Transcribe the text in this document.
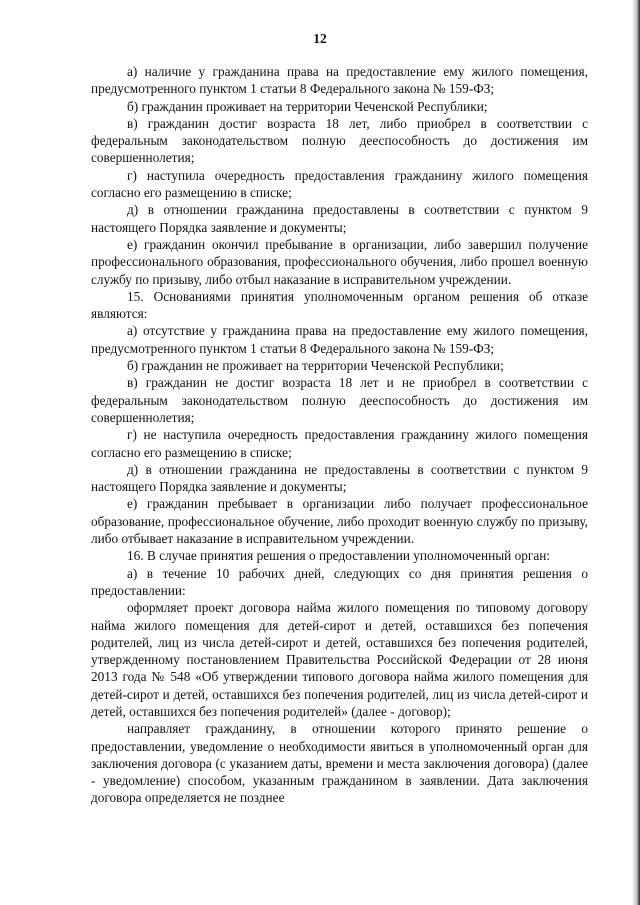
12

а) наличие у гражданина права на предоставление ему жилого помещения, предусмотренного пунктом 1 статьи 8 Федерального закона № 159-ФЗ;

б) гражданин проживает на территории Чеченской Республики;

в) гражданин достиг возраста 18 лет, либо приобрел в соответствии с федеральным законодательством полную дееспособность до достижения им совершеннолетия;

г) наступила очередность предоставления гражданину жилого помещения согласно его размещению в списке;

д) в отношении гражданина предоставлены в соответствии с пунктом 9 настоящего Порядка заявление и документы;

е) гражданин окончил пребывание в организации, либо завершил получение профессионального образования, профессионального обучения, либо прошел военную службу по призыву, либо отбыл наказание в исправительном учреждении.

15. Основаниями принятия уполномоченным органом решения об отказе являются:

а) отсутствие у гражданина права на предоставление ему жилого помещения, предусмотренного пунктом 1 статьи 8 Федерального закона № 159-ФЗ;

б) гражданин не проживает на территории Чеченской Республики;

в) гражданин не достиг возраста 18 лет и не приобрел в соответствии с федеральным законодательством полную дееспособность до достижения им совершеннолетия;

г) не наступила очередность предоставления гражданину жилого помещения согласно его размещению в списке;

д) в отношении гражданина не предоставлены в соответствии с пунктом 9 настоящего Порядка заявление и документы;

е) гражданин пребывает в организации либо получает профессиональное образование, профессиональное обучение, либо проходит военную службу по призыву, либо отбывает наказание в исправительном учреждении.

16. В случае принятия решения о предоставлении уполномоченный орган:

а) в течение 10 рабочих дней, следующих со дня принятия решения о предоставлении:

оформляет проект договора найма жилого помещения по типовому договору найма жилого помещения для детей-сирот и детей, оставшихся без попечения родителей, лиц из числа детей-сирот и детей, оставшихся без попечения родителей, утвержденному постановлением Правительства Российской Федерации от 28 июня 2013 года № 548 «Об утверждении типового договора найма жилого помещения для детей-сирот и детей, оставшихся без попечения родителей, лиц из числа детей-сирот и детей, оставшихся без попечения родителей» (далее - договор);

направляет гражданину, в отношении которого принято решение о предоставлении, уведомление о необходимости явиться в уполномоченный орган для заключения договора (с указанием даты, времени и места заключения договора) (далее - уведомление) способом, указанным гражданином в заявлении. Дата заключения договора определяется не позднее
